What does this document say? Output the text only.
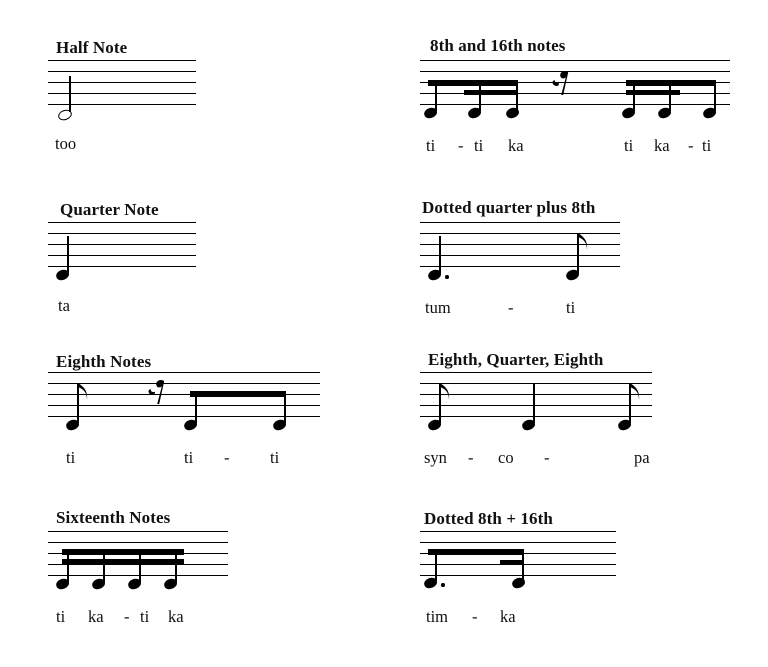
Half Note
too
Quarter Note
ta
Eighth Notes
ti	ti - ti
Sixteenth Notes
ti ka - ti ka
8th and 16th notes
ti - ti ka	ti ka - ti
Dotted quarter plus 8th
tum	-	ti
Eighth, Quarter, Eighth
syn - co -	pa
Dotted 8th + 16th
tim - ka
